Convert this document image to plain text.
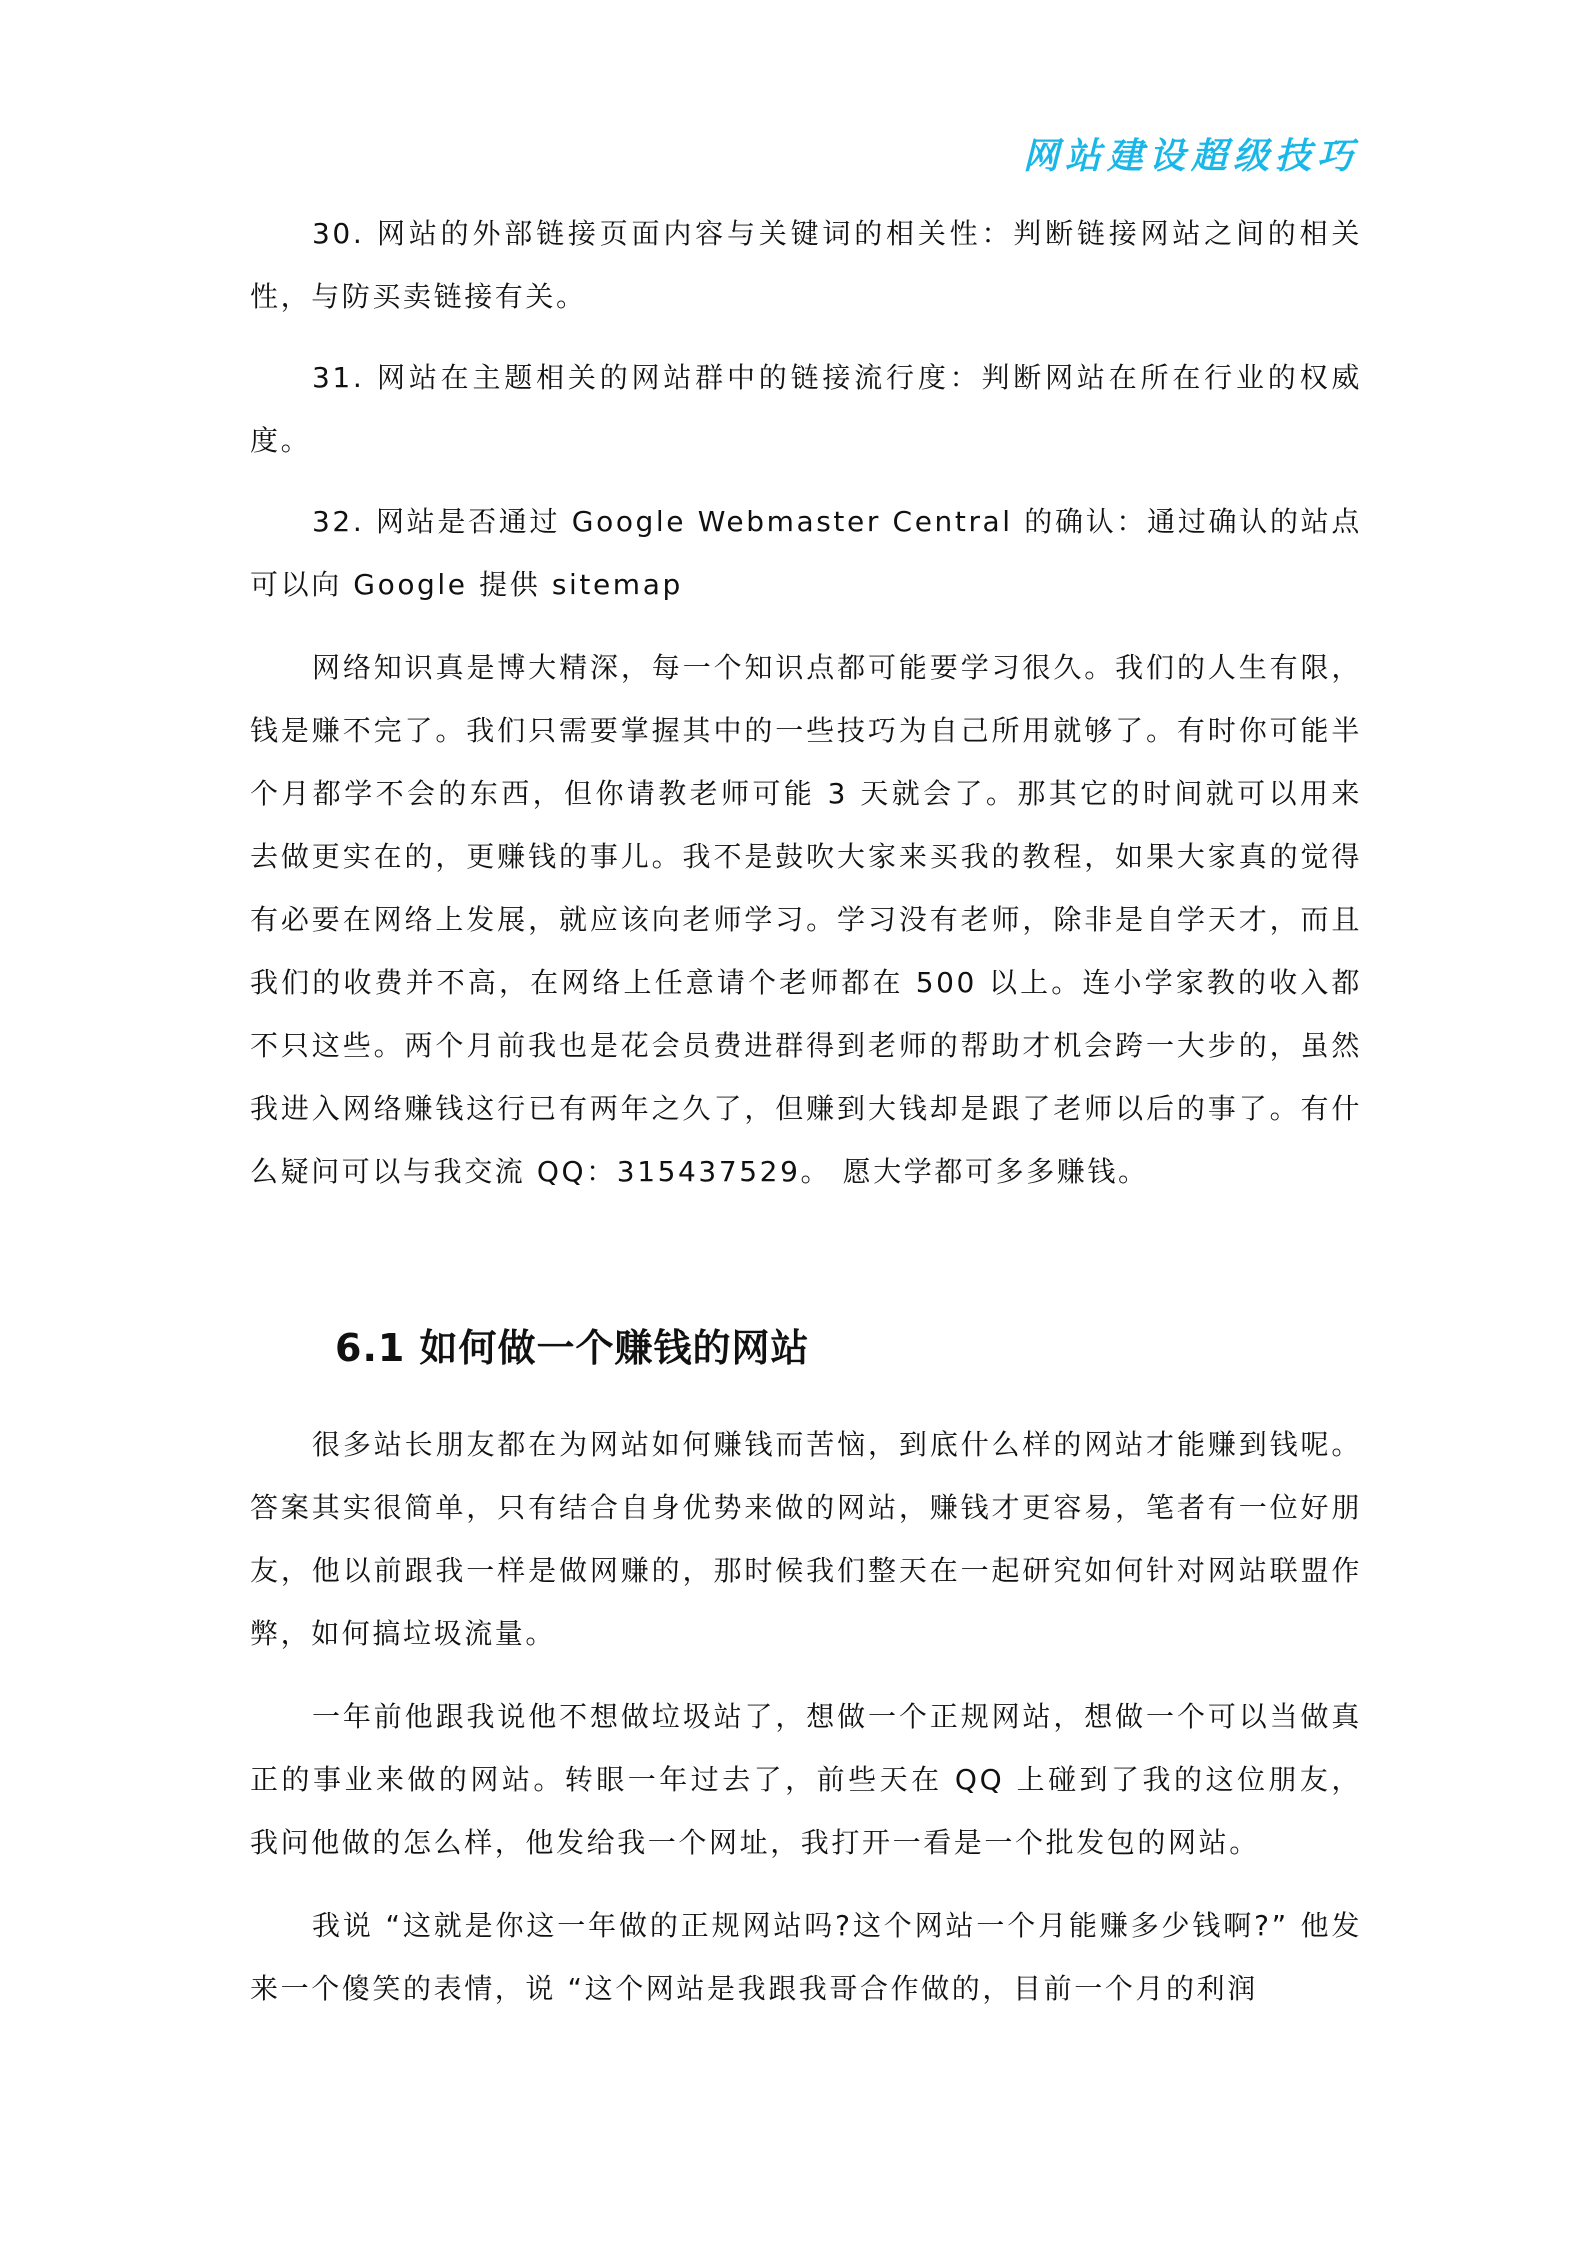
网站建设超级技巧

30. 网站的外部链接页面内容与关键词的相关性：判断链接网站之间的相关性，与防买卖链接有关。

31. 网站在主题相关的网站群中的链接流行度：判断网站在所在行业的权威度。

32. 网站是否通过 Google Webmaster Central 的确认：通过确认的站点可以向 Google 提供 sitemap

网络知识真是博大精深，每一个知识点都可能要学习很久。我们的人生有限，钱是赚不完了。我们只需要掌握其中的一些技巧为自己所用就够了。有时你可能半个月都学不会的东西，但你请教老师可能 3 天就会了。那其它的时间就可以用来去做更实在的，更赚钱的事儿。我不是鼓吹大家来买我的教程，如果大家真的觉得有必要在网络上发展，就应该向老师学习。学习没有老师，除非是自学天才，而且我们的收费并不高，在网络上任意请个老师都在 500 以上。连小学家教的收入都不只这些。两个月前我也是花会员费进群得到老师的帮助才机会跨一大步的，虽然我进入网络赚钱这行已有两年之久了，但赚到大钱却是跟了老师以后的事了。有什么疑问可以与我交流 QQ：315437529。 愿大学都可多多赚钱。

6.1 如何做一个赚钱的网站

很多站长朋友都在为网站如何赚钱而苦恼，到底什么样的网站才能赚到钱呢。答案其实很简单，只有结合自身优势来做的网站，赚钱才更容易，笔者有一位好朋友，他以前跟我一样是做网赚的，那时候我们整天在一起研究如何针对网站联盟作弊，如何搞垃圾流量。

一年前他跟我说他不想做垃圾站了，想做一个正规网站，想做一个可以当做真正的事业来做的网站。转眼一年过去了，前些天在 QQ 上碰到了我的这位朋友，我问他做的怎么样，他发给我一个网址，我打开一看是一个批发包的网站。

我说 “这就是你这一年做的正规网站吗?这个网站一个月能赚多少钱啊?” 他发来一个傻笑的表情，说 “这个网站是我跟我哥合作做的，目前一个月的利润
